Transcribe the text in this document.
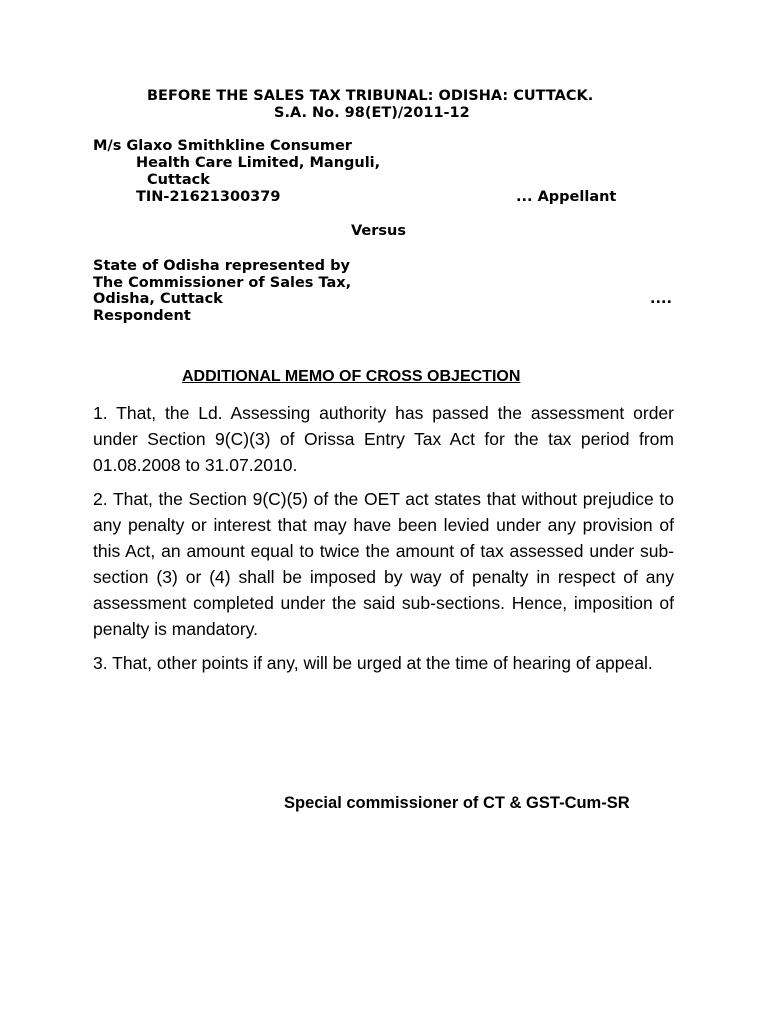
BEFORE THE SALES TAX TRIBUNAL: ODISHA: CUTTACK.

S.A. No. 98(ET)/2011-12

M/s Glaxo Smithkline Consumer

Health Care Limited, Manguli,

Cuttack

TIN-21621300379	... Appellant

Versus

State of Odisha represented by

The Commissioner of Sales Tax,

Odisha, Cuttack	....

Respondent

ADDITIONAL MEMO OF CROSS OBJECTION

1. That, the Ld. Assessing authority has passed the assessment order under Section 9(C)(3) of Orissa Entry Tax Act for the tax period from 01.08.2008 to 31.07.2010.

2. That, the Section 9(C)(5) of the OET act states that without prejudice to any penalty or interest that may have been levied under any provision of this Act, an amount equal to twice the amount of tax assessed under sub-section (3) or (4) shall be imposed by way of penalty in respect of any assessment completed under the said sub-sections. Hence, imposition of penalty is mandatory.

3. That, other points if any, will be urged at the time of hearing of appeal.

Special commissioner of CT & GST-Cum-SR
